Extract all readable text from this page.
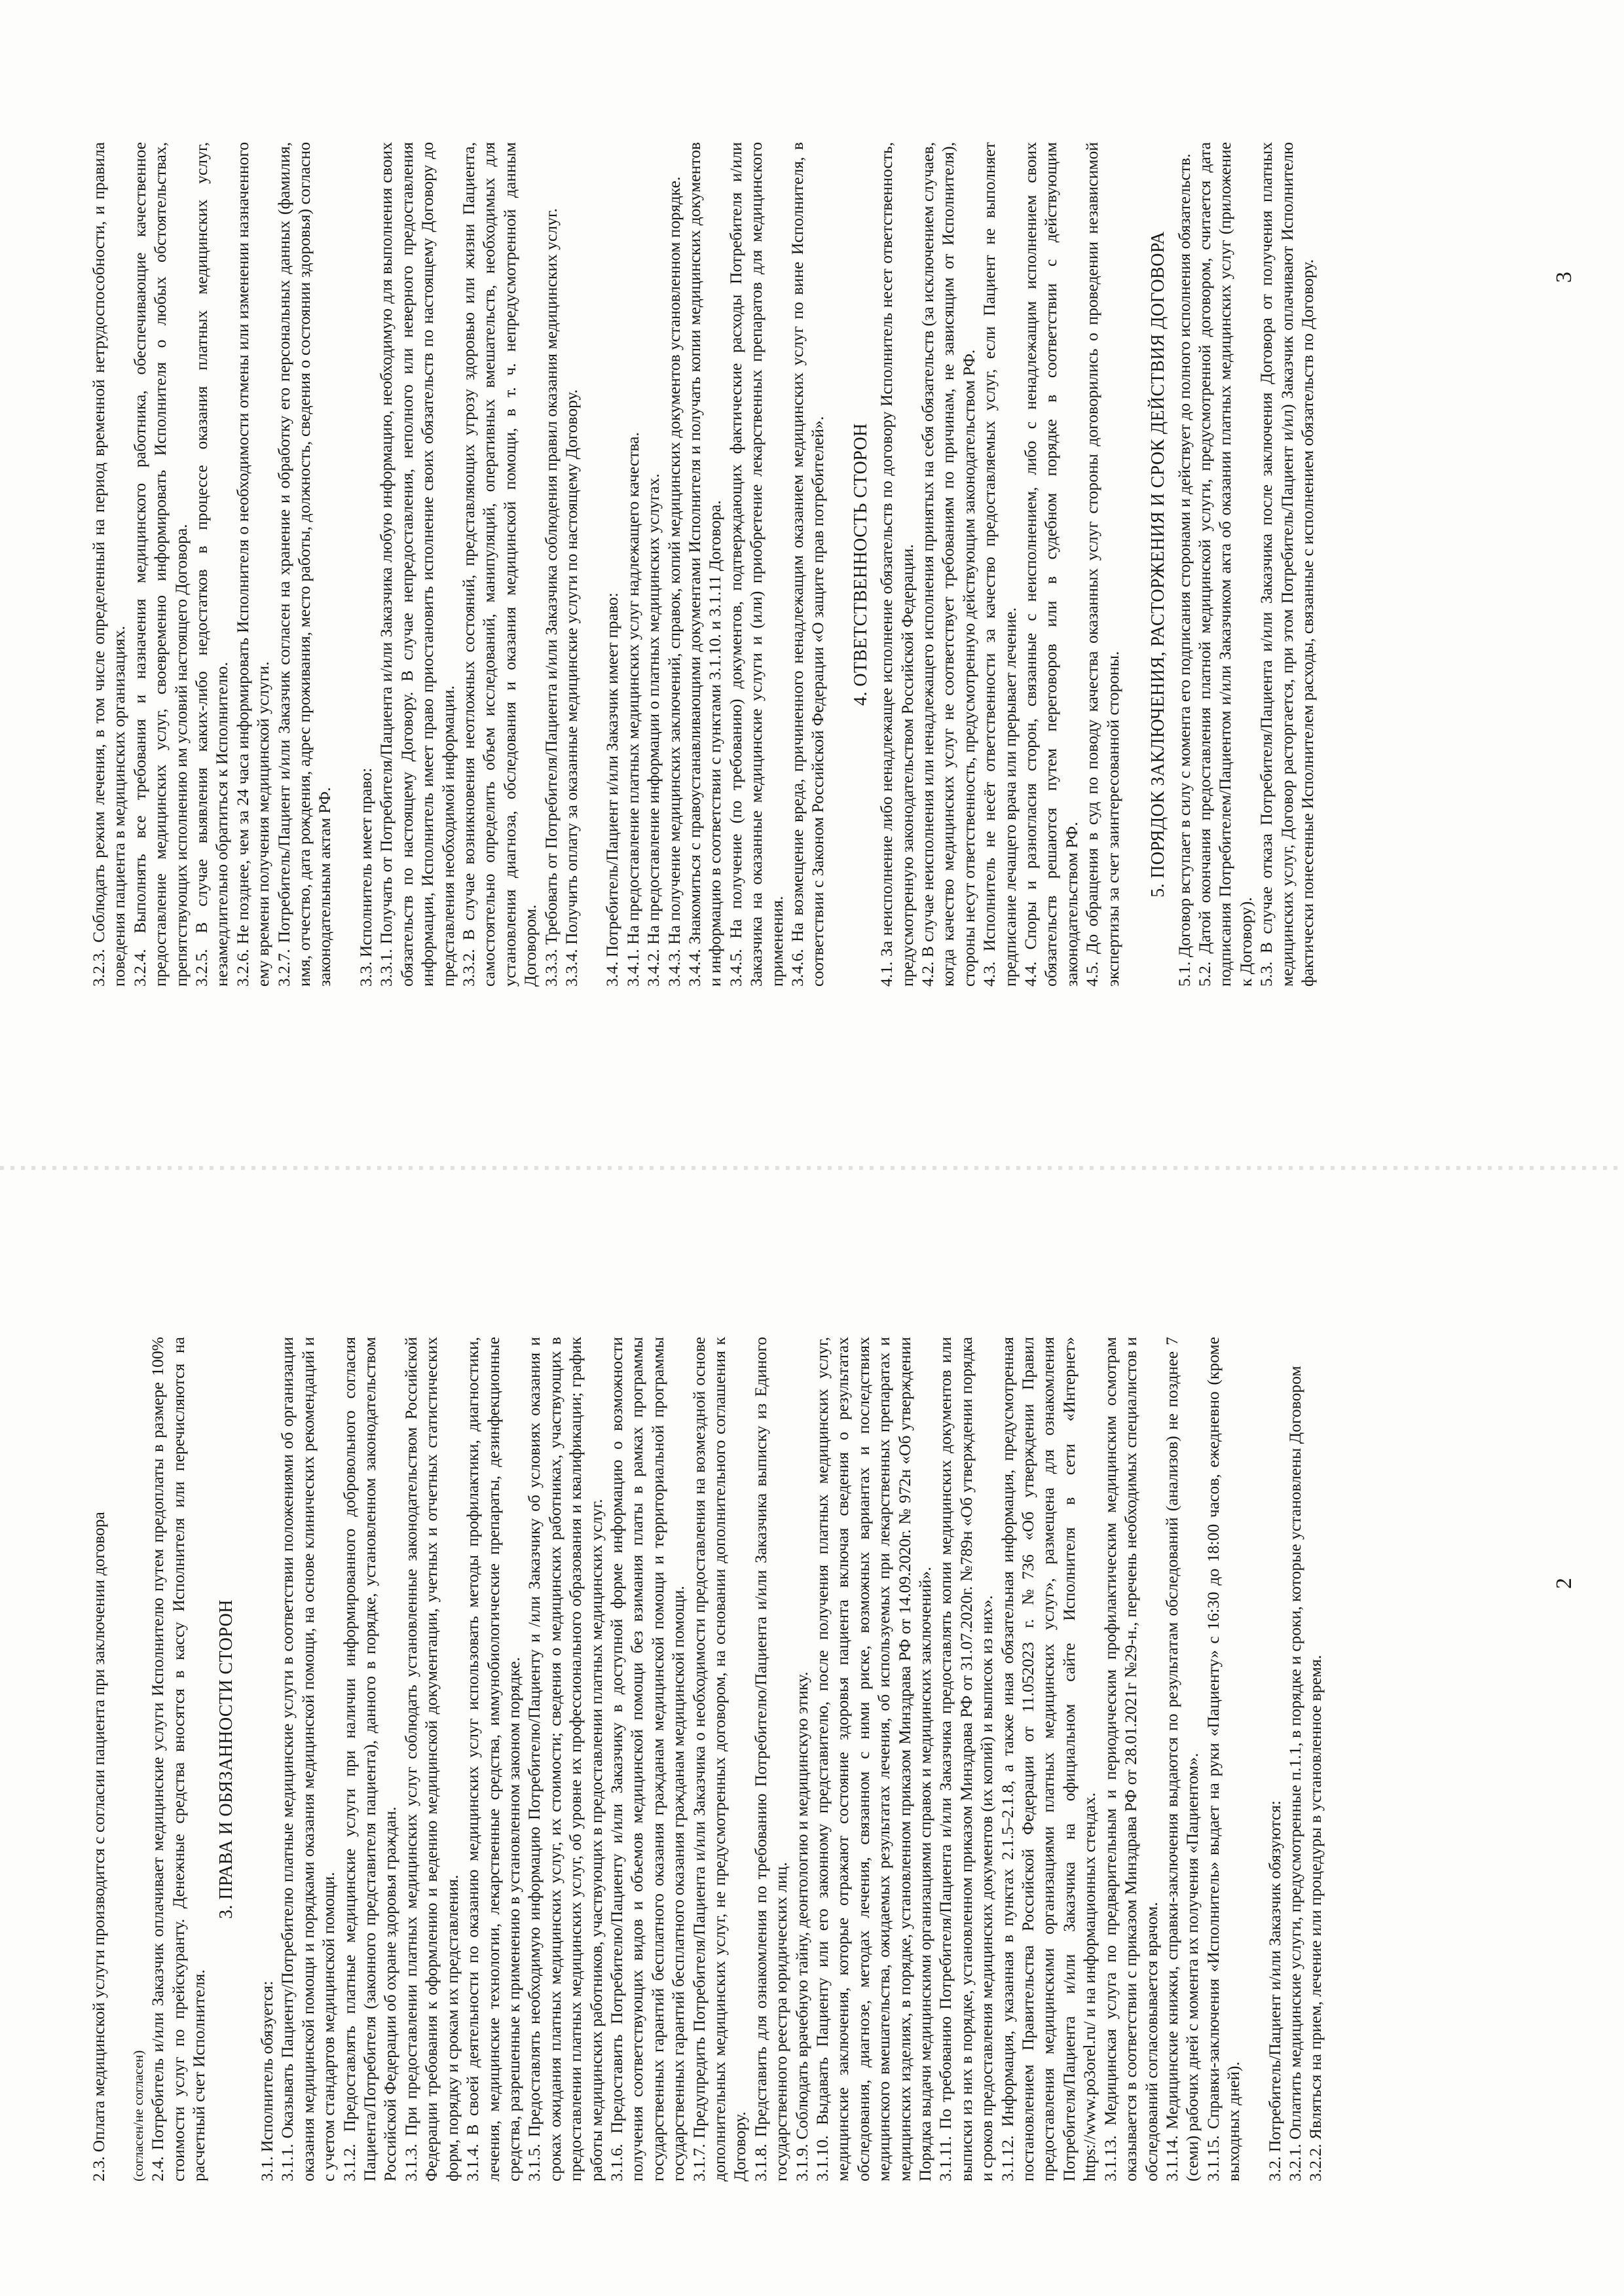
2.3. Оплата медицинской услуги производится с согласии пациента при заключении договора (согласен/не согласен) 2.4. Потребитель и/или Заказчик оплачивает медицинские услуги Исполнителю путем предоплаты в размере 100% стоимости услуг по прейскуранту. Денежные средства вносятся в кассу Исполнителя или перечисляются на расчетный счет Исполнителя.

3. ПРАВА И ОБЯЗАННОСТИ СТОРОН

3.1. Исполнитель обязуется: 3.1.1. Оказывать Пациенту/Потребителю платные медицинские услуги в соответствии положениями об организации оказания медицинской помощи и порядками оказания медицинской помощи, на основе клинических рекомендаций и с учетом стандартов медицинской помощи. 3.1.2. Предоставлять платные медицинские услуги при наличии информированного добровольного согласия Пациента/Потребителя (законного представителя пациента), данного в порядке, установленном законодательством Российской Федерации об охране здоровья граждан. 3.1.3. При предоставлении платных медицинских услуг соблюдать установленные законодательством Российской Федерации требования к оформлению и ведению медицинской документации, учетных и отчетных статистических форм, порядку и срокам их представления. 3.1.4. В своей деятельности по оказанию медицинских услуг использовать методы профилактики, диагностики, лечения, медицинские технологии, лекарственные средства, иммунобиологические препараты, дезинфекционные средства, разрешенные к применению в установленном законом порядке. 3.1.5. Предоставлять необходимую информацию Потребителю/Пациенту и /или Заказчику об условиях оказания и сроках ожидания платных медицинских услуг, их стоимости; сведения о медицинских работниках, участвующих в предоставлении платных медицинских услуг, об уровне их профессионального образования и квалификации; график работы медицинских работников, участвующих в предоставлении платных медицинских услуг. 3.1.6. Предоставить Потребителю/Пациенту и/или Заказчику в доступной форме информацию о возможности получения соответствующих видов и объемов медицинской помощи без взимания платы в рамках программы государственных гарантий бесплатного оказания гражданам медицинской помощи и территориальной программы государственных гарантий бесплатного оказания гражданам медицинской помощи. 3.1.7. Предупредить Потребителя/Пациента и/или Заказчика о необходимости предоставления на возмездной основе дополнительных медицинских услуг, не предусмотренных договором, на основании дополнительного соглашения к Договору. 3.1.8. Представить для ознакомления по требованию Потребителю/Пациента и/или Заказчика выписку из Единого государственного реестра юридических лиц. 3.1.9. Соблюдать врачебную тайну, деонтологию и медицинскую этику. 3.1.10. Выдавать Пациенту или его законному представителю, после получения платных медицинских услуг, медицинские заключения, которые отражают состояние здоровья пациента включая сведения о результатах обследования, диагнозе, методах лечения, связанном с ними риске, возможных вариантах и последствиях медицинского вмешательства, ожидаемых результатах лечения, об используемых при лекарственных препаратах и медицинских изделиях, в порядке, установленном приказом Минздрава РФ от 14.09.2020г. № 972н «Об утверждении Порядка выдачи медицинскими организациями справок и медицинских заключений». 3.1.11. По требованию Потребителя/Пациента и/или Заказчика предоставлять копии медицинских документов или выписки из них в порядке, установленном приказом Минздрава РФ от 31.07.2020г. №789н «Об утверждении порядка и сроков предоставления медицинских документов (их копий) и выписок из них». 3.1.12. Информация, указанная в пунктах 2.1.5–2.1.8, а также иная обязательная информация, предусмотренная постановлением Правительства Российской Федерации от 11.052023 г. №736 «Об утверждении Правил предоставления медицинскими организациями платных медицинских услуг», размещена для ознакомления Потребителя/Пациента и/или Заказчика на официальном сайте Исполнителя в сети «Интернет» https://www.po3orel.ru/ и на информационных стендах. 3.1.13. Медицинская услуга по предварительным и периодическим профилактическим медицинским осмотрам оказывается в соответствии с приказом Минздрава РФ от 28.01.2021г №29-н., перечень необходимых специалистов и обследований согласовывается врачом. 3.1.14. Медицинские книжки, справки-заключения выдаются по результатам обследований (анализов) не позднее 7 (семи) рабочих дней с момента их получения «Пациентом». 3.1.15. Справки-заключения «Исполнитель» выдает на руки «Пациенту» с 16:30 до 18:00 часов, ежедневно (кроме выходных дней). 3.2. Потребитель/Пациент и/или Заказчик обязуются: 3.2.1. Оплатить медицинские услуги, предусмотренные п.1.1, в порядке и сроки, которые установлены Договором 3.2.2. Являться на прием, лечение или процедуры в установленное время.

3.2.3. Соблюдать режим лечения, в том числе определенный на период временной нетрудоспособности, и правила поведения пациента в медицинских организациях. 3.2.4. Выполнять все требования и назначения медицинского работника, обеспечивающие качественное предоставление медицинских услуг, своевременно информировать Исполнителя о любых обстоятельствах, препятствующих исполнению им условий настоящего Договора. 3.2.5. В случае выявления каких-либо недостатков в процессе оказания платных медицинских услуг, незамедлительно обратиться к Исполнителю. 3.2.6. Не позднее, чем за 24 часа информировать Исполнителя о необходимости отмены или изменении назначенного ему времени получения медицинской услуги. 3.2.7. Потребитель/Пациент и/или Заказчик согласен на хранение и обработку его персональных данных (фамилия, имя, отчество, дата рождения, адрес проживания, место работы, должность, сведения о состоянии здоровья) согласно законодательным актам РФ. 3.3. Исполнитель имеет право: 3.3.1. Получать от Потребителя/Пациента и/или Заказчика любую информацию, необходимую для выполнения своих обязательств по настоящему Договору. В случае непредоставления, неполного или неверного предоставления информации, Исполнитель имеет право приостановить исполнение своих обязательств по настоящему Договору до представления необходимой информации. 3.3.2. В случае возникновения неотложных состояний, представляющих угрозу здоровью или жизни Пациента, самостоятельно определить объем исследований, манипуляций, оперативных вмешательств, необходимых для установления диагноза, обследования и оказания медицинской помощи, в т. ч. непредусмотренной данным Договором. 3.3.3. Требовать от Потребителя/Пациента и/или Заказчика соблюдения правил оказания медицинских услуг. 3.3.4. Получить оплату за оказанные медицинские услуги по настоящему Договору. 3.4. Потребитель/Пациент и/или Заказчик имеет право: 3.4.1. На предоставление платных медицинских услуг надлежащего качества. 3.4.2. На предоставление информации о платных медицинских услугах. 3.4.3. На получение медицинских заключений, справок, копий медицинских документов установленном порядке. 3.4.4. Знакомиться с правоустанавливающими документами Исполнителя и получать копии медицинских документов и информацию в соответствии с пунктами 3.1.10. и 3.1.11 Договора. 3.4.5. На получение (по требованию) документов, подтверждающих фактические расходы Потребителя и/или Заказчика на оказанные медицинские услуги и (или) приобретение лекарственных препаратов для медицинского применения. 3.4.6. На возмещение вреда, причиненного ненадлежащим оказанием медицинских услуг по вине Исполнителя, в соответствии с Законом Российской Федерации «О защите прав потребителей». 4. ОТВЕТСТВЕННОСТЬ СТОРОН 4.1. За неисполнение либо ненадлежащее исполнение обязательств по договору Исполнитель несет ответственность, предусмотренную законодательством Российской Федерации. 4.2. В случае неисполнения или ненадлежащего исполнения принятых на себя обязательств (за исключением случаев, когда качество медицинских услуг не соответствует требованиям по причинам, не зависящим от Исполнителя), стороны несут ответственность, предусмотренную действующим законодательством РФ. 4.3. Исполнитель не несёт ответственности за качество предоставляемых услуг, если Пациент не выполняет предписание лечащего врача или прерывает лечение. 4.4. Споры и разногласия сторон, связанные с неисполнением, либо с ненадлежащим исполнением своих обязательств решаются путем переговоров или в судебном порядке в соответствии с действующим законодательством РФ. 4.5. До обращения в суд по поводу качества оказанных услуг стороны договорились о проведении независимой экспертизы за счет заинтересованной стороны. 5. ПОРЯДОК ЗАКЛЮЧЕНИЯ, РАСТОРЖЕНИЯ И СРОК ДЕЙСТВИЯ ДОГОВОРА 5.1. Договор вступает в силу с момента его подписания сторонами и действует до полного исполнения обязательств. 5.2. Датой окончания предоставления платной медицинской услуги, предусмотренной договором, считается дата подписания Потребителем/Пациентом и/или Заказчиком акта об оказании платных медицинских услуг (приложение к Договору). 5.3. В случае отказа Потребителя/Пациента и/или Заказчика после заключения Договора от получения платных медицинских услуг, Договор расторгается, при этом Потребитель/Пациент и/ил) Заказчик оплачивают Исполнителю фактически понесенные Исполнителем расходы, связанные с исполнением обязательств по Договору.

2
3
